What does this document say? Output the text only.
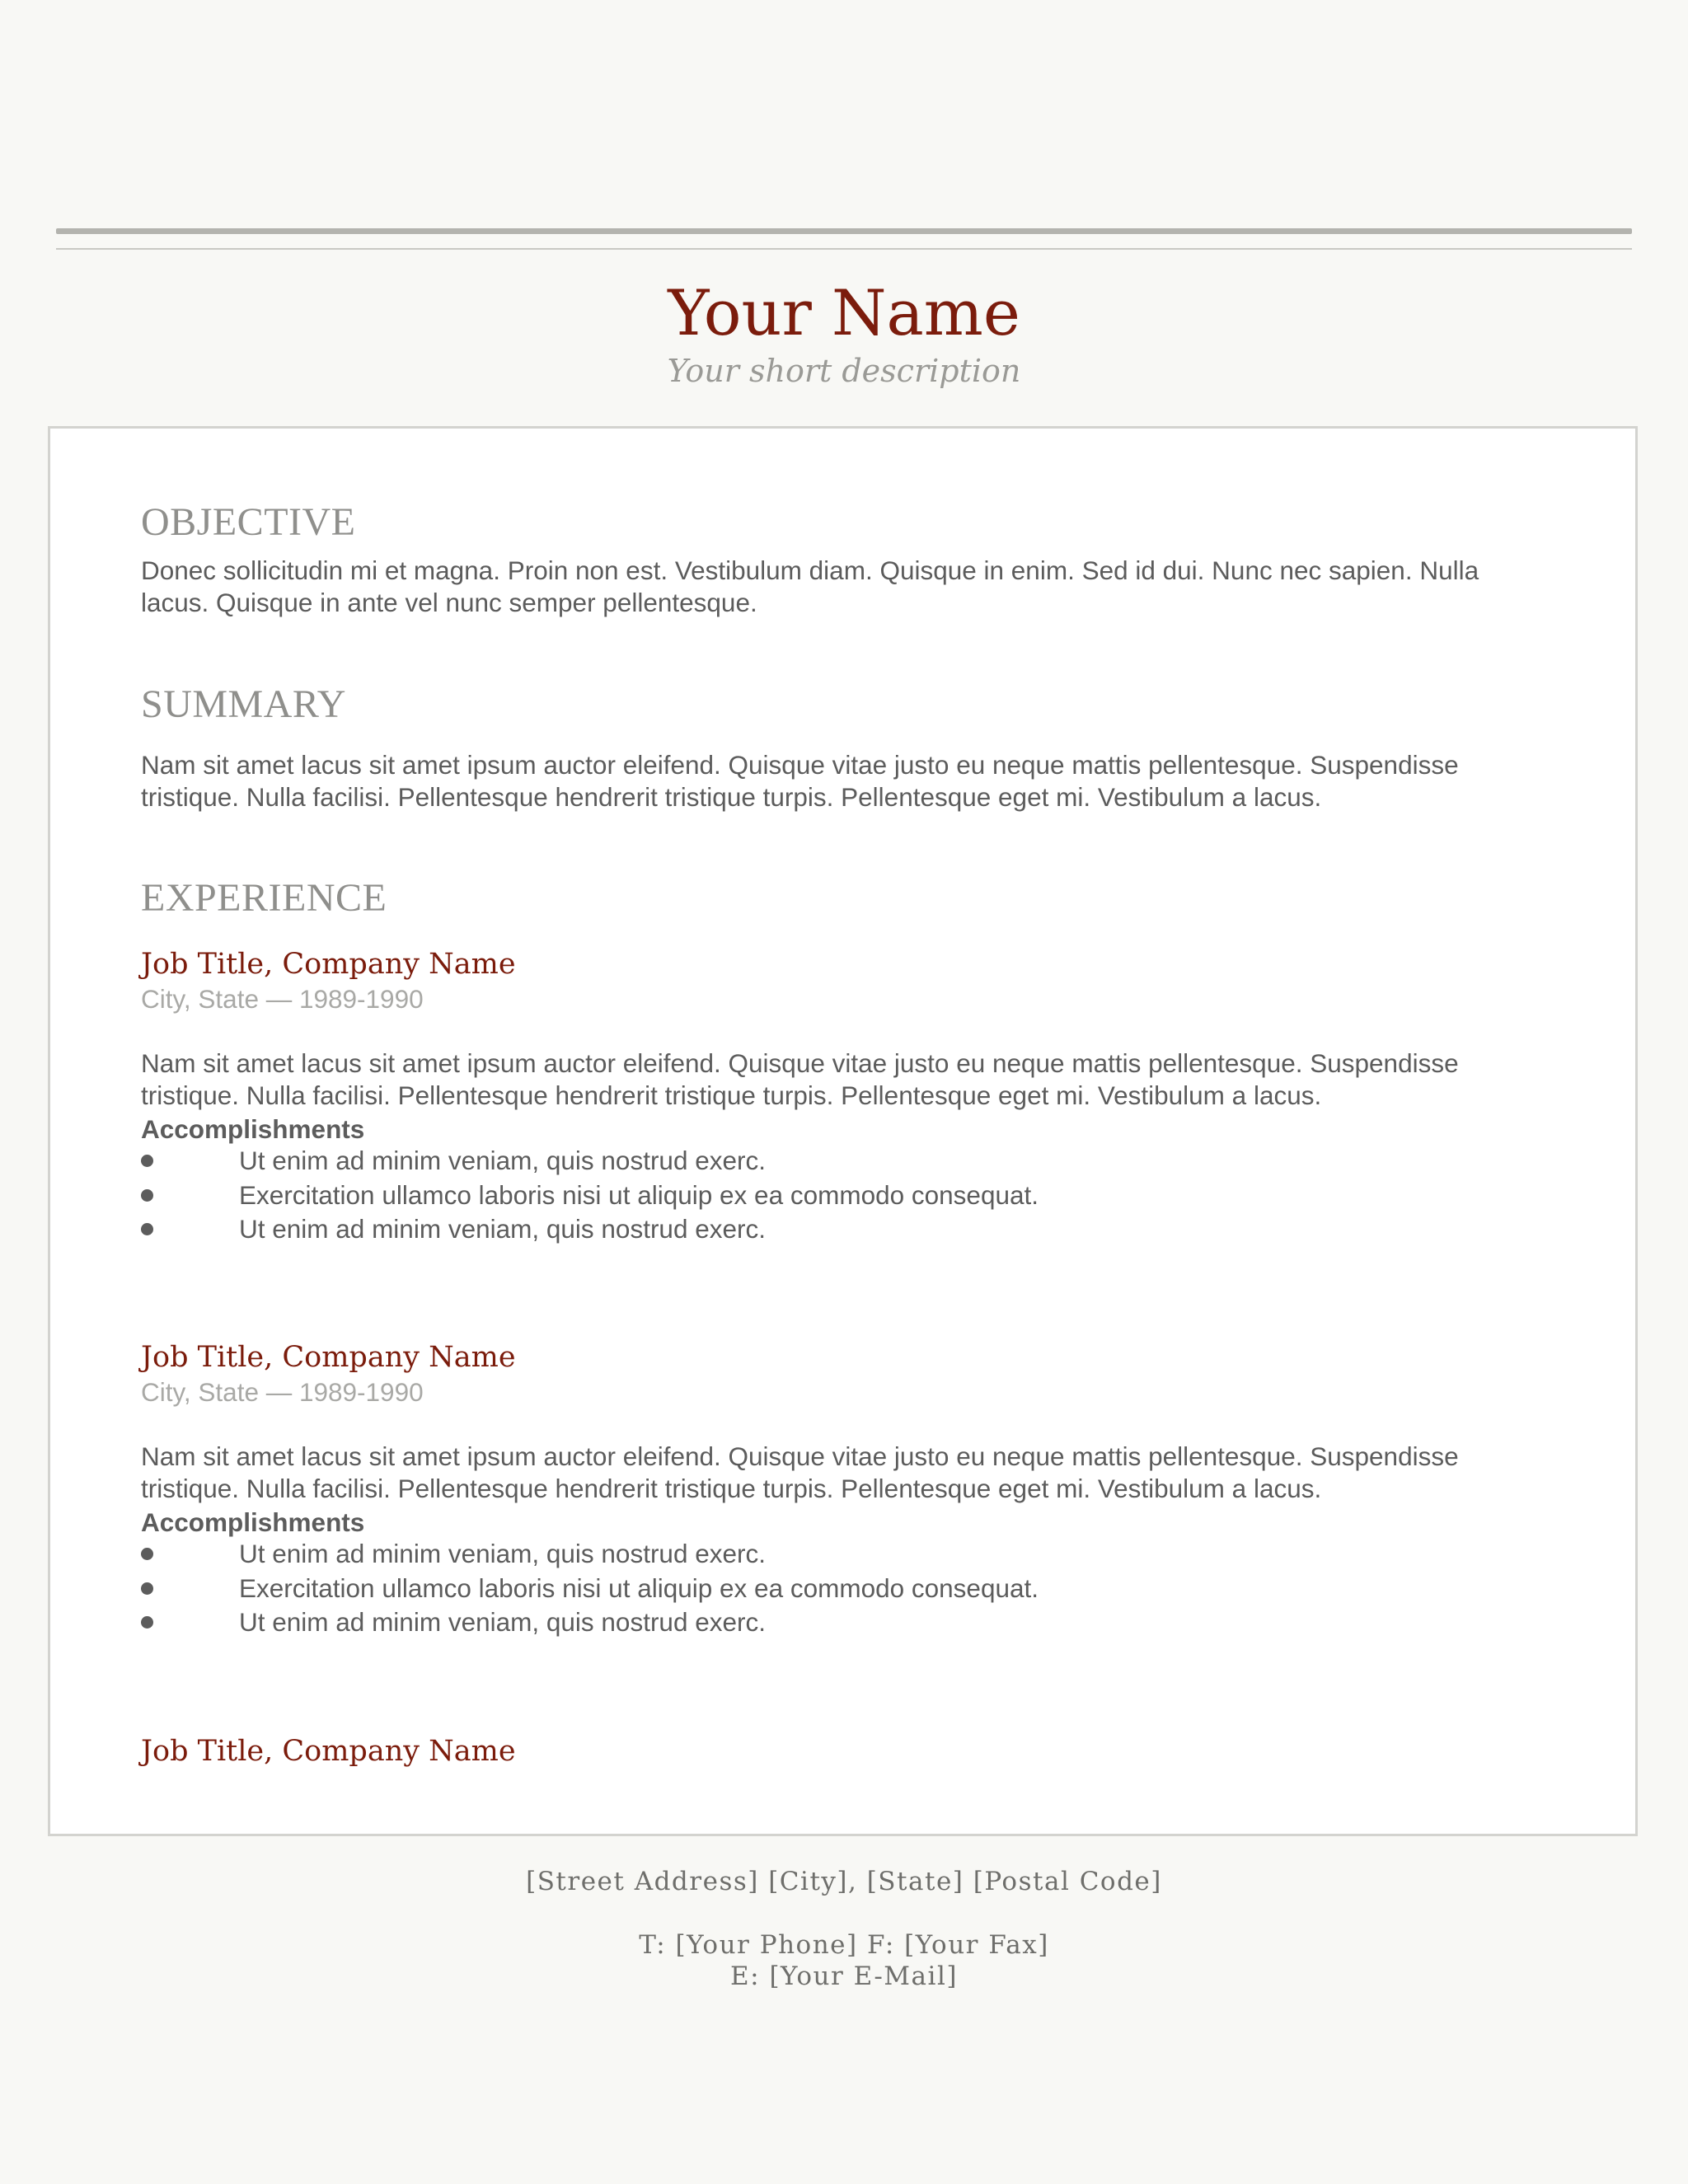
Your Name
Your short description
OBJECTIVE
Donec sollicitudin mi et magna. Proin non est. Vestibulum diam. Quisque in enim. Sed id dui. Nunc nec sapien. Nulla
lacus. Quisque in ante vel nunc semper pellentesque.
SUMMARY
Nam sit amet lacus sit amet ipsum auctor eleifend. Quisque vitae justo eu neque mattis pellentesque. Suspendisse
tristique. Nulla facilisi. Pellentesque hendrerit tristique turpis. Pellentesque eget mi. Vestibulum a lacus.
EXPERIENCE
Job Title, Company Name
City, State — 1989-1990
Nam sit amet lacus sit amet ipsum auctor eleifend. Quisque vitae justo eu neque mattis pellentesque. Suspendisse
tristique. Nulla facilisi. Pellentesque hendrerit tristique turpis. Pellentesque eget mi. Vestibulum a lacus.
Accomplishments
Ut enim ad minim veniam, quis nostrud exerc.
Exercitation ullamco laboris nisi ut aliquip ex ea commodo consequat.
Ut enim ad minim veniam, quis nostrud exerc.
Job Title, Company Name
City, State — 1989-1990
Nam sit amet lacus sit amet ipsum auctor eleifend. Quisque vitae justo eu neque mattis pellentesque. Suspendisse
tristique. Nulla facilisi. Pellentesque hendrerit tristique turpis. Pellentesque eget mi. Vestibulum a lacus.
Accomplishments
Ut enim ad minim veniam, quis nostrud exerc.
Exercitation ullamco laboris nisi ut aliquip ex ea commodo consequat.
Ut enim ad minim veniam, quis nostrud exerc.
Job Title, Company Name
[Street Address] [City], [State] [Postal Code]
T: [Your Phone] F: [Your Fax]
E: [Your E-Mail]
